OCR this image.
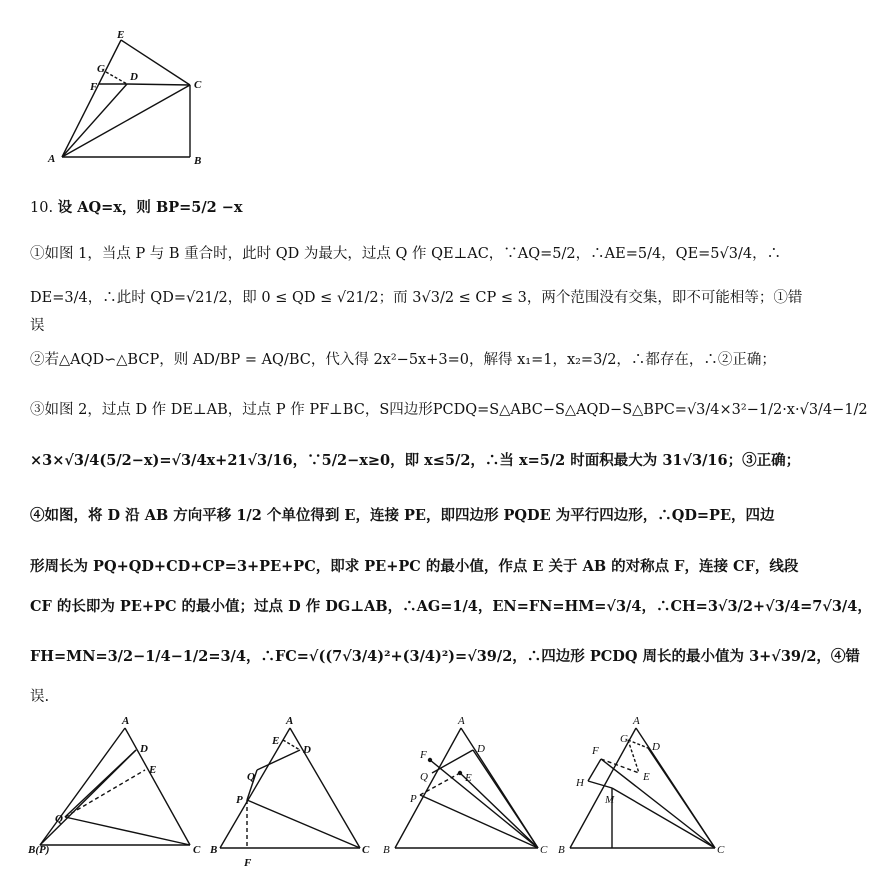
E
G
D
F	C
A	B
10. 设 AQ=x，则 BP=5/2 −x
①如图 1，当点 P 与 B 重合时，此时 QD 为最大，过点 Q 作 QE⊥AC，∵AQ=5/2，∴AE=5/4，QE=5√3/4，∴
DE=3/4，∴此时 QD=√21/2，即 0 ≤ QD ≤ √21/2；而 3√3/2 ≤ CP ≤ 3，两个范围没有交集，即不可能相等；①错
误
②若△AQD∽△BCP，则 AD/BP = AQ/BC，代入得 2x²−5x+3=0，解得 x₁=1，x₂=3/2，∴都存在，∴②正确；
③如图 2，过点 D 作 DE⊥AB，过点 P 作 PF⊥BC，S四边形PCDQ=S△ABC−S△AQD−S△BPC=√3/4×3²−1/2·x·√3/4−1/2
×3×√3/4(5/2−x)=√3/4x+21√3/16，∵5/2−x≥0，即 x≤5/2，∴当 x=5/2 时面积最大为 31√3/16；③正确；
④如图，将 D 沿 AB 方向平移 1/2 个单位得到 E，连接 PE，即四边形 PQDE 为平行四边形，∴QD=PE，四边
形周长为 PQ+QD+CD+CP=3+PE+PC，即求 PE+PC 的最小值，作点 E 关于 AB 的对称点 F，连接 CF，线段
CF 的长即为 PE+PC 的最小值；过点 D 作 DG⊥AB，∴AG=1/4，EN=FN=HM=√3/4，∴CH=3√3/2+√3/4=7√3/4，
FH=MN=3/2−1/4−1/2=3/4，∴FC=√((7√3/4)²+(3/4)²)=√39/2，∴四边形 PCDQ 周长的最小值为 3+√39/2，④错
误.
A
D
E
Q
B(P)	C
A
E
D
Q
P
B
F
C
A
F	D
Q	E
P
B	C
A
F
G
D
E
H
M
B	C
